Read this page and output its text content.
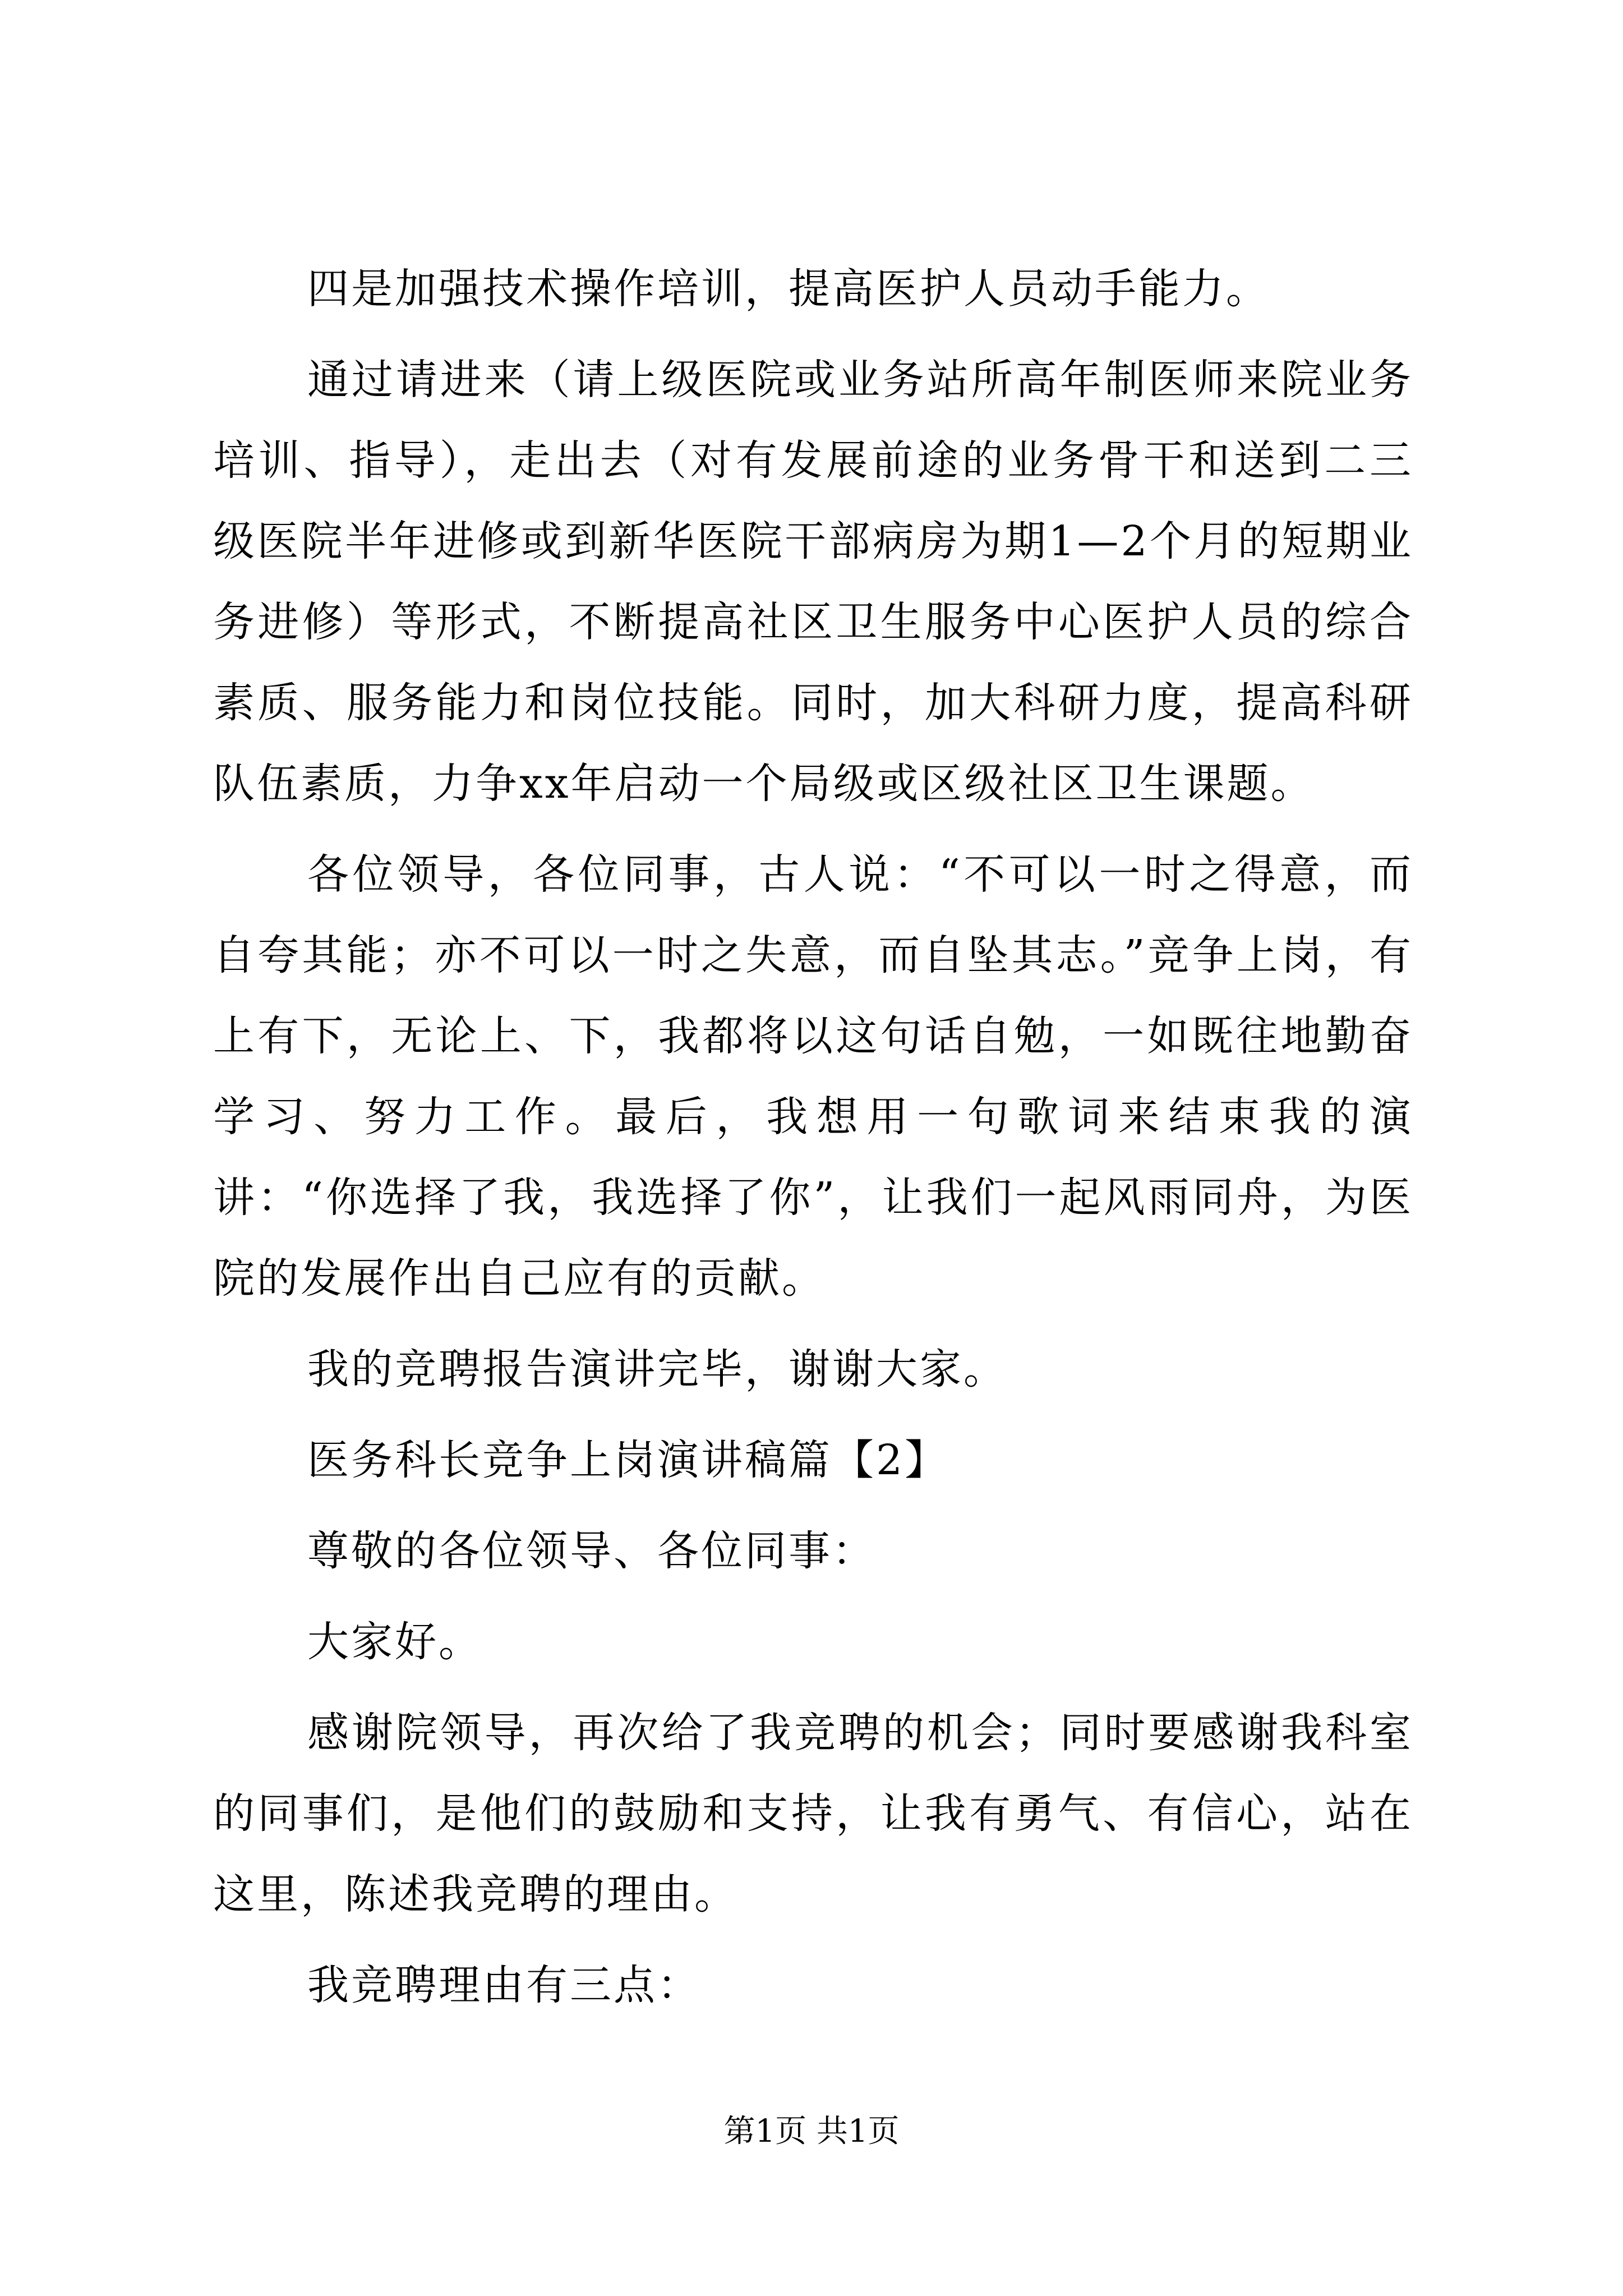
四是加强技术操作培训，提高医护人员动手能力。

通过请进来（请上级医院或业务站所高年制医师来院业务培训、指导），走出去（对有发展前途的业务骨干和送到二三级医院半年进修或到新华医院干部病房为期1—2个月的短期业务进修）等形式，不断提高社区卫生服务中心医护人员的综合素质、服务能力和岗位技能。同时，加大科研力度，提高科研队伍素质，力争xx年启动一个局级或区级社区卫生课题。

各位领导，各位同事，古人说：“不可以一时之得意，而自夸其能；亦不可以一时之失意，而自坠其志。”竞争上岗，有上有下，无论上、下，我都将以这句话自勉，一如既往地勤奋学习、努力工作。最后，我想用一句歌词来结束我的演讲：“你选择了我，我选择了你”，让我们一起风雨同舟，为医院的发展作出自己应有的贡献。

我的竞聘报告演讲完毕，谢谢大家。

医务科长竞争上岗演讲稿篇【2】

尊敬的各位领导、各位同事：

大家好。

感谢院领导，再次给了我竞聘的机会；同时要感谢我科室的同事们，是他们的鼓励和支持，让我有勇气、有信心，站在这里，陈述我竞聘的理由。

我竞聘理由有三点：

第1页 共1页
